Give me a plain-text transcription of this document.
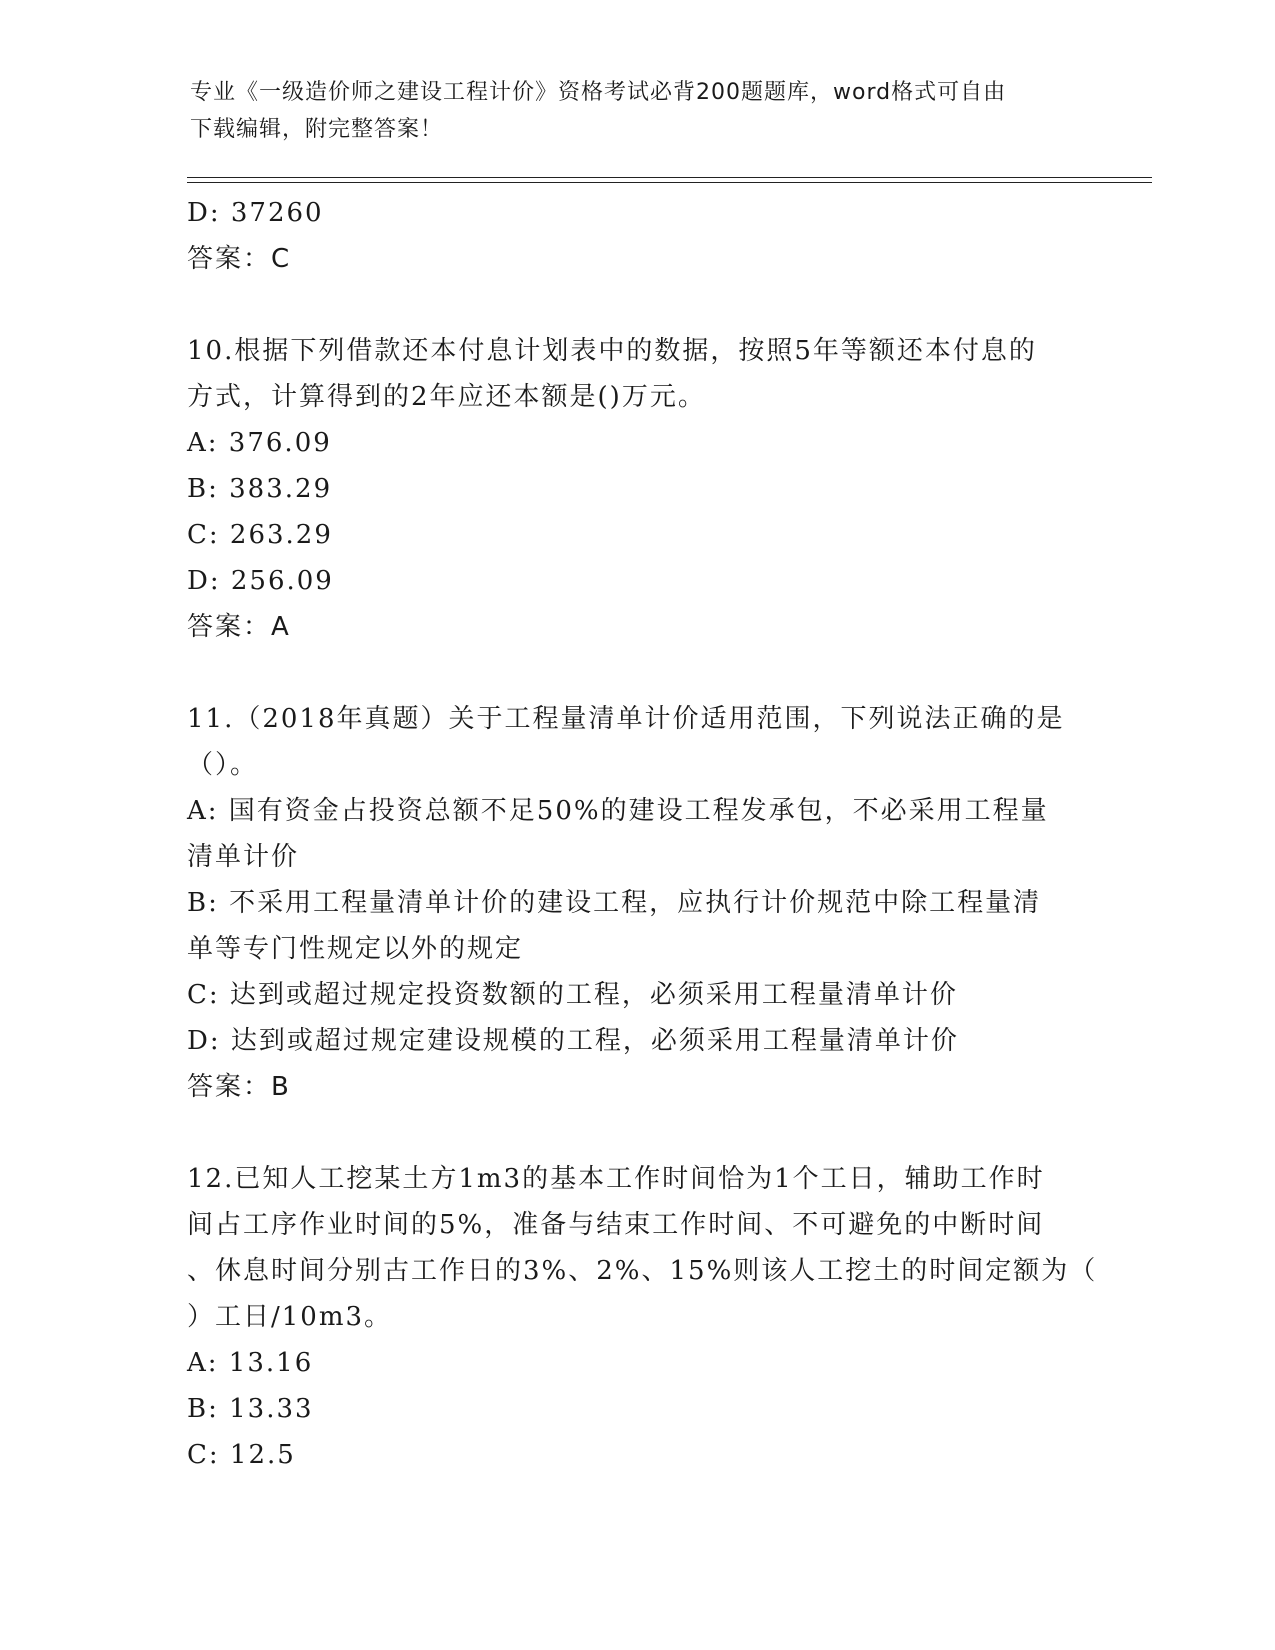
专业《一级造价师之建设工程计价》资格考试必背200题题库，word格式可自由
下载编辑，附完整答案！
D: 37260
答案：C
10.根据下列借款还本付息计划表中的数据，按照5年等额还本付息的
方式，计算得到的2年应还本额是()万元。
A: 376.09
B: 383.29
C: 263.29
D: 256.09
答案：A
11.（2018年真题）关于工程量清单计价适用范围，下列说法正确的是
（）。
A: 国有资金占投资总额不足50%的建设工程发承包，不必采用工程量
清单计价
B: 不采用工程量清单计价的建设工程，应执行计价规范中除工程量清
单等专门性规定以外的规定
C: 达到或超过规定投资数额的工程，必须采用工程量清单计价
D: 达到或超过规定建设规模的工程，必须采用工程量清单计价
答案：B
12.已知人工挖某土方1m3的基本工作时间恰为1个工日，辅助工作时
间占工序作业时间的5%，准备与结束工作时间、不可避免的中断时间
、休息时间分别古工作日的3%、2%、15%则该人工挖土的时间定额为（
）工日/10m3。
A: 13.16
B: 13.33
C: 12.5
